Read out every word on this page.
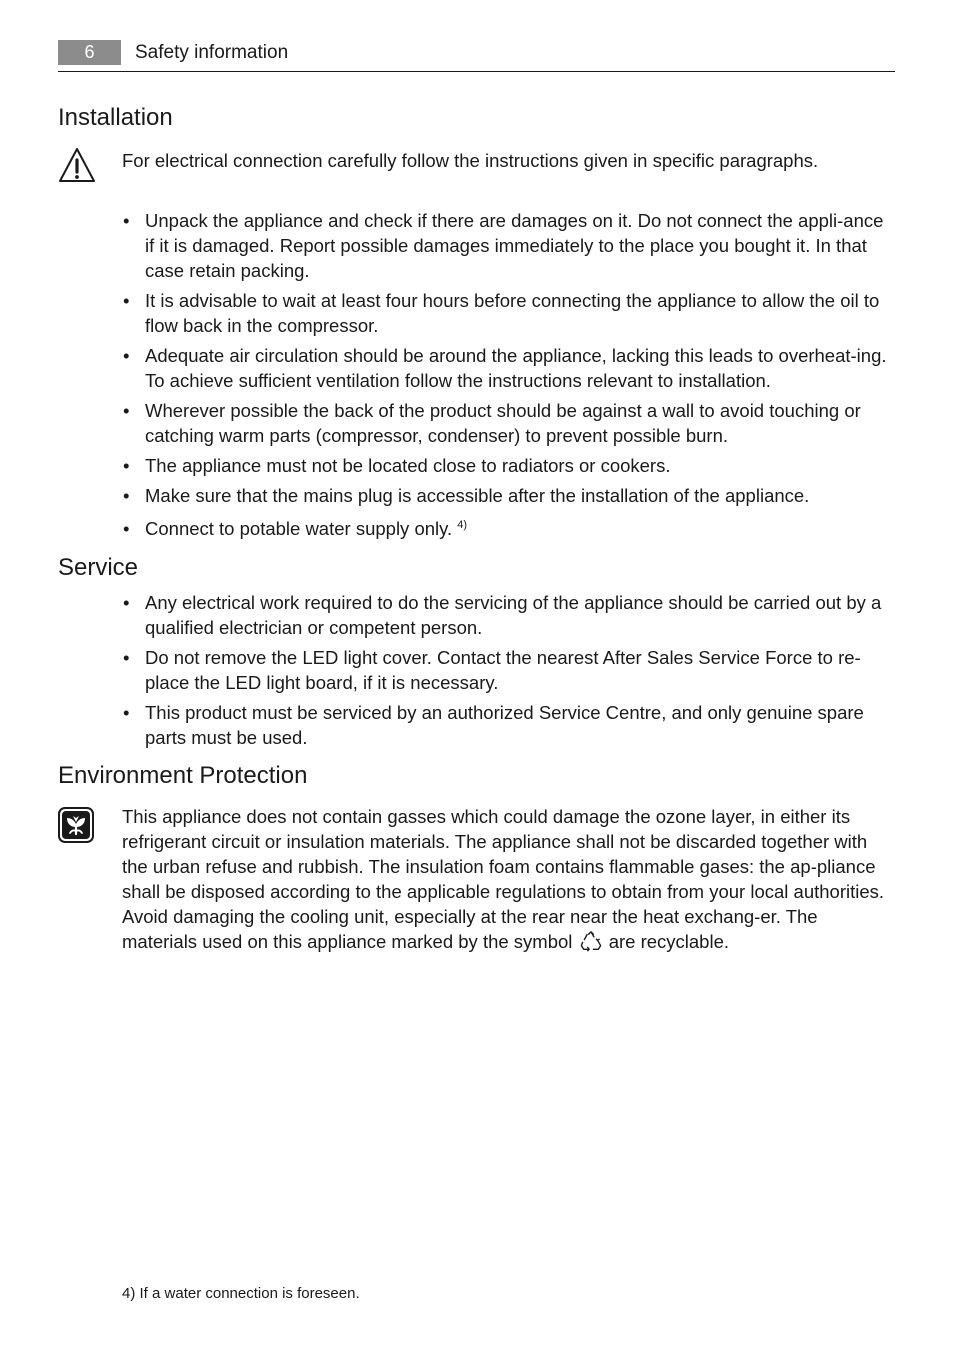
6	Safety information
Installation

For electrical connection carefully follow the instructions given in specific paragraphs.

• Unpack the appliance and check if there are damages on it. Do not connect the appli-ance if it is damaged. Report possible damages immediately to the place you bought it. In that case retain packing.
• It is advisable to wait at least four hours before connecting the appliance to allow the oil to flow back in the compressor.
• Adequate air circulation should be around the appliance, lacking this leads to overheat-ing. To achieve sufficient ventilation follow the instructions relevant to installation.
• Wherever possible the back of the product should be against a wall to avoid touching or catching warm parts (compressor, condenser) to prevent possible burn.
• The appliance must not be located close to radiators or cookers.
• Make sure that the mains plug is accessible after the installation of the appliance.
• Connect to potable water supply only. $^{4)}$
Service
• Any electrical work required to do the servicing of the appliance should be carried out by a qualified electrician or competent person.
• Do not remove the LED light cover. Contact the nearest After Sales Service Force to re-place the LED light board, if it is necessary.
• This product must be serviced by an authorized Service Centre, and only genuine spare parts must be used.
Environment Protection

This appliance does not contain gasses which could damage the ozone layer, in either its refrigerant circuit or insulation materials. The appliance shall not be discarded together with the urban refuse and rubbish. The insulation foam contains flammable gases: the ap-pliance shall be disposed according to the applicable regulations to obtain from your local authorities. Avoid damaging the cooling unit, especially at the rear near the heat exchang-er. The materials used on this appliance marked by the symbol are recyclable.

4) If a water connection is foreseen.
